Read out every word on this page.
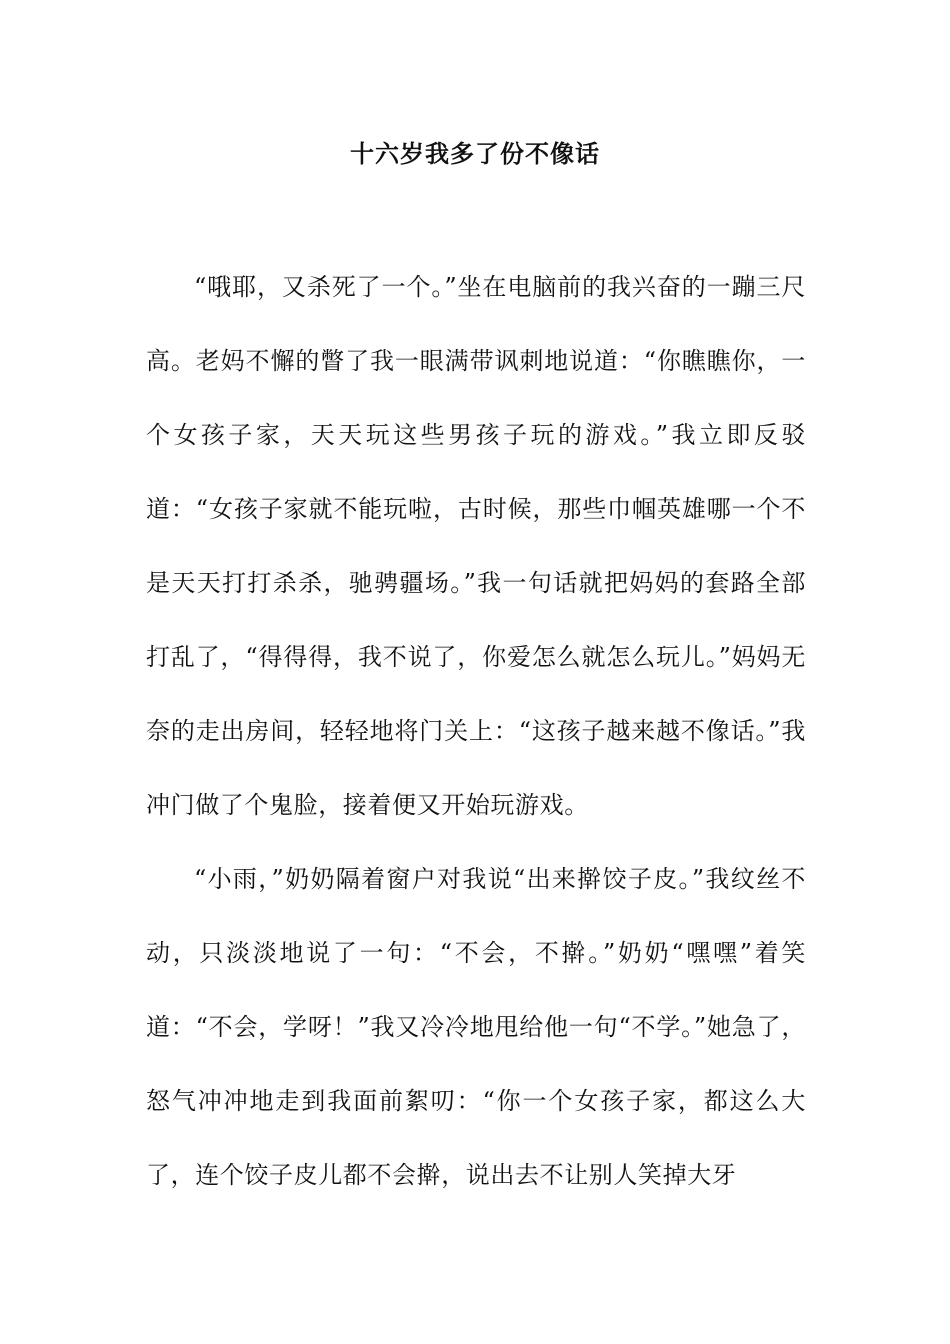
十六岁我多了份不像话

“哦耶，又杀死了一个。”坐在电脑前的我兴奋的一蹦三尺高。老妈不懈的瞥了我一眼满带讽刺地说道：“你瞧瞧你，一个女孩子家，天天玩这些男孩子玩的游戏。”我立即反驳道：“女孩子家就不能玩啦，古时候，那些巾帼英雄哪一个不是天天打打杀杀，驰骋疆场。”我一句话就把妈妈的套路全部打乱了，“得得得，我不说了，你爱怎么就怎么玩儿。”妈妈无奈的走出房间，轻轻地将门关上：“这孩子越来越不像话。”我冲门做了个鬼脸，接着便又开始玩游戏。

“小雨，”奶奶隔着窗户对我说“出来擀饺子皮。”我纹丝不动，只淡淡地说了一句：“不会，不擀。”奶奶“嘿嘿”着笑道：“不会，学呀！”我又冷冷地甩给他一句“不学。”她急了，怒气冲冲地走到我面前絮叨：“你一个女孩子家，都这么大了，连个饺子皮儿都不会擀，说出去不让别人笑掉大牙
